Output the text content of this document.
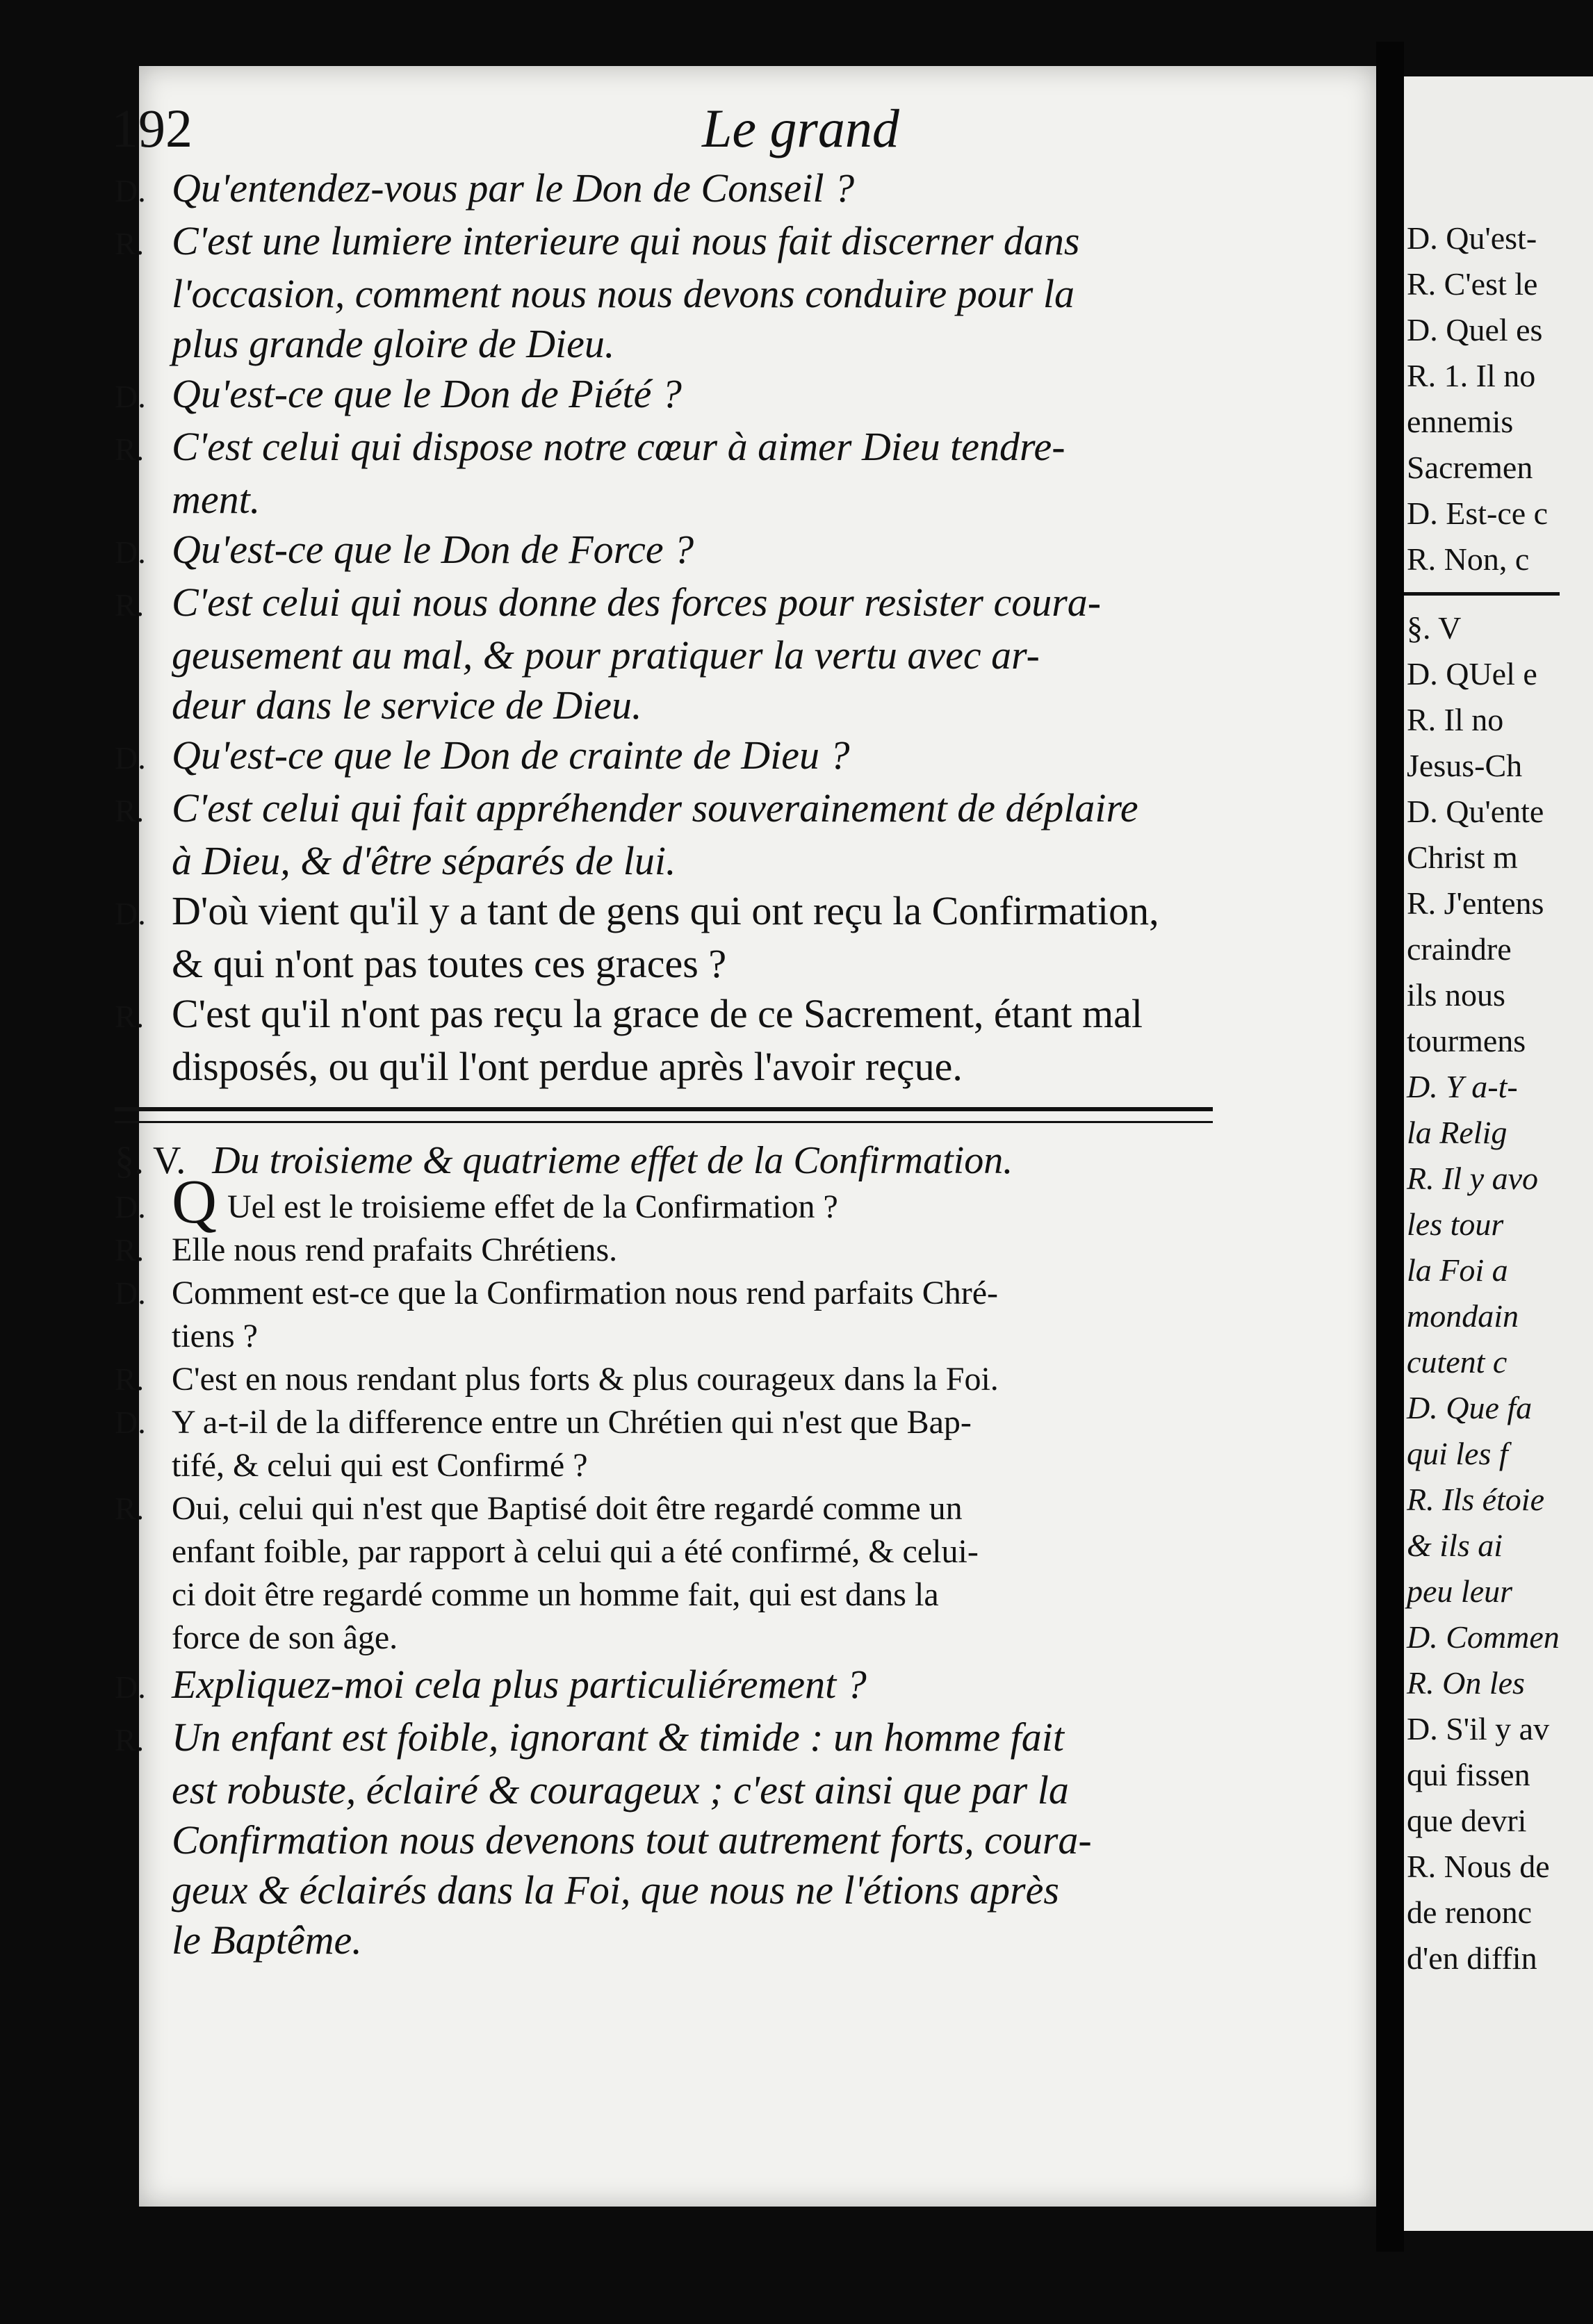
192	Le grand
D. Qu'entendez-vous par le Don de Conseil ?
R. C'est une lumiere interieure qui nous fait discerner dans
l'occasion, comment nous nous devons conduire pour la
plus grande gloire de Dieu.
D. Qu'est-ce que le Don de Piété ?
R. C'est celui qui dispose notre cœur à aimer Dieu tendre-
ment.
D. Qu'est-ce que le Don de Force ?
R. C'est celui qui nous donne des forces pour resister coura-
geusement au mal, & pour pratiquer la vertu avec ar-
deur dans le service de Dieu.
D. Qu'est-ce que le Don de crainte de Dieu ?
R. C'est celui qui fait appréhender souverainement de déplaire
à Dieu, & d'être séparés de lui.
D. D'où vient qu'il y a tant de gens qui ont reçu la Confirmation,
& qui n'ont pas toutes ces graces ?
R. C'est qu'il n'ont pas reçu la grace de ce Sacrement, étant mal
disposés, ou qu'il l'ont perdue après l'avoir reçue.
§. V. Du troisieme & quatrieme effet de la Confirmation.
D. Q Uel est le troisieme effet de la Confirmation ?
R. Elle nous rend prafaits Chrétiens.
D. Comment est-ce que la Confirmation nous rend parfaits Chré-
tiens ?
R. C'est en nous rendant plus forts & plus courageux dans la Foi.
D. Y a-t-il de la difference entre un Chrétien qui n'est que Bap-
tifé, & celui qui est Confirmé ?
R. Oui, celui qui n'est que Baptisé doit être regardé comme un
enfant foible, par rapport à celui qui a été confirmé, & celui-
ci doit être regardé comme un homme fait, qui est dans la
force de son âge.
D. Expliquez-moi cela plus particuliérement ?
R. Un enfant est foible, ignorant & timide : un homme fait
est robuste, éclairé & courageux ; c'est ainsi que par la
Confirmation nous devenons tout autrement forts, coura-
geux & éclairés dans la Foi, que nous ne l'étions après
le Baptême.
D. Qu'est-
R. C'est le
D. Quel es
R. 1. Il no
ennemis
Sacremen
D. Est-ce c
R. Non, c
§. V
D. QUel e
R. Il no
Jesus-Ch
D. Qu'ente
Christ m
R. J'entens
craindre
ils nous
tourmens
D. Y a-t-
la Relig
R. Il y avo
les tour
la Foi a
mondain
cutent c
D. Que fa
qui les f
R. Ils étoie
& ils ai
peu leur
D. Commen
R. On les
D. S'il y av
qui fissen
que devri
R. Nous de
de renonc
d'en diffin
